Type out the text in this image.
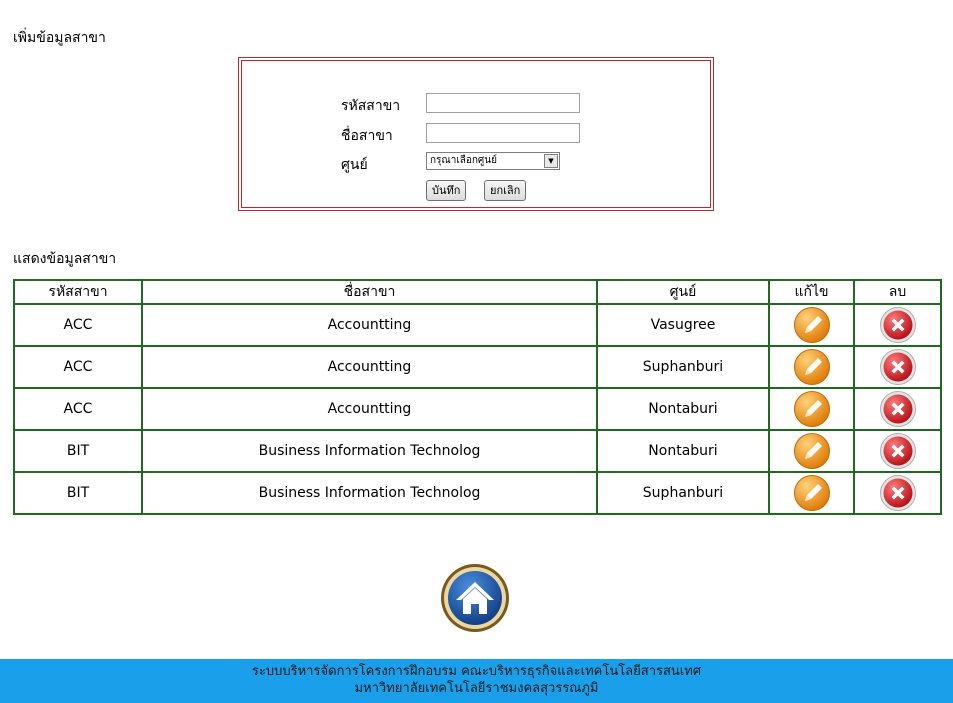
เพิ่มข้อมูลสาขา
รหัสสาขา
ชื่อสาขา
ศูนย์	กรุณาเลือกศูนย์	▼
บันทึก	ยกเลิก
แสดงข้อมูลสาขา
รหัสสาขา	ชื่อสาขา	ศูนย์	แก้ไข	ลบ
ACC	Accountting	Vasugree		
ACC	Accountting	Suphanburi		
ACC	Accountting	Nontaburi		
BIT	Business Information Technolog	Nontaburi		
BIT	Business Information Technolog	Suphanburi		
ระบบบริหารจัดการโครงการฝึกอบรม คณะบริหารธุรกิจและเทคโนโลยีสารสนเทศ
มหาวิทยาลัยเทคโนโลยีราชมงคลสุวรรณภูมิ
